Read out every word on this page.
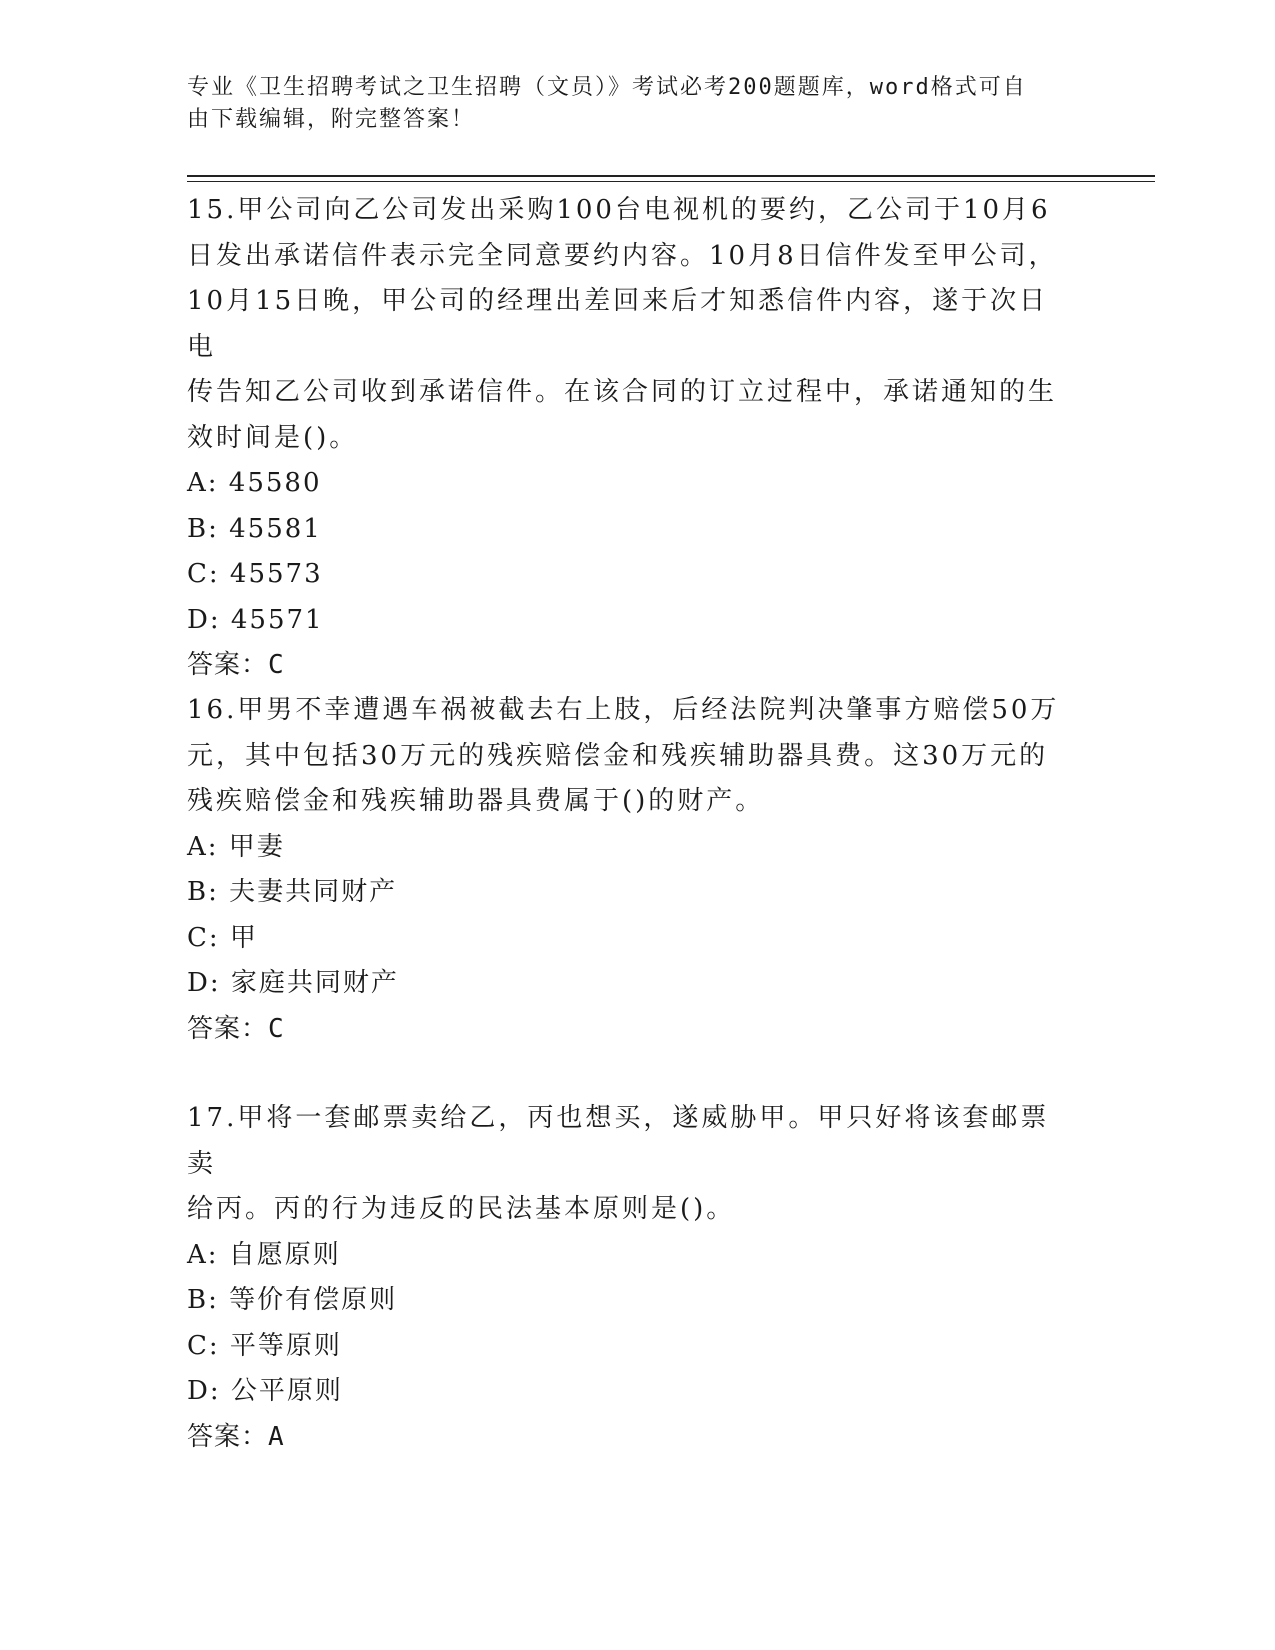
专业《卫生招聘考试之卫生招聘（文员）》考试必考200题题库，word格式可自
由下载编辑，附完整答案！

15.甲公司向乙公司发出采购100台电视机的要约，乙公司于10月6

日发出承诺信件表示完全同意要约内容。10月8日信件发至甲公司，

10月15日晚，甲公司的经理出差回来后才知悉信件内容，遂于次日电

传告知乙公司收到承诺信件。在该合同的订立过程中，承诺通知的生

效时间是()。

A: 45580

B: 45581

C: 45573

D: 45571

答案：C

16.甲男不幸遭遇车祸被截去右上肢，后经法院判决肇事方赔偿50万

元，其中包括30万元的残疾赔偿金和残疾辅助器具费。这30万元的

残疾赔偿金和残疾辅助器具费属于()的财产。

A: 甲妻

B: 夫妻共同财产

C: 甲

D: 家庭共同财产

答案：C

17.甲将一套邮票卖给乙，丙也想买，遂威胁甲。甲只好将该套邮票卖

给丙。丙的行为违反的民法基本原则是()。

A: 自愿原则

B: 等价有偿原则

C: 平等原则

D: 公平原则

答案：A
